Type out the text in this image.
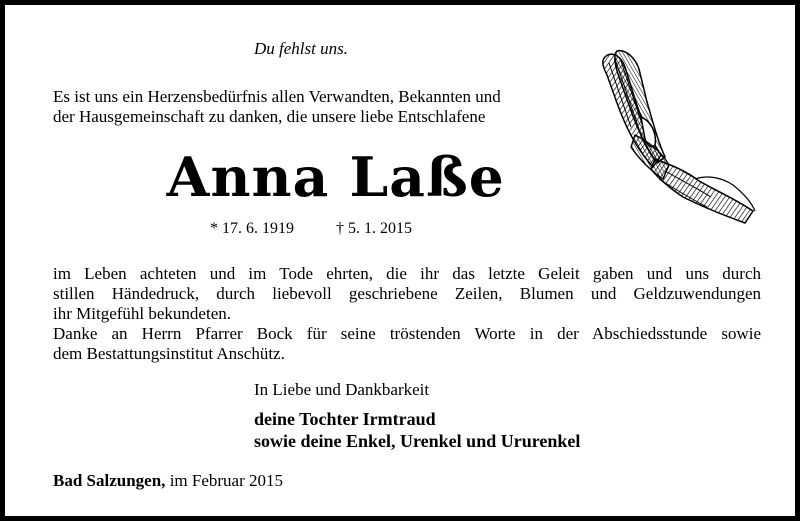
Du fehlst uns.
Es ist uns ein Herzensbedürfnis allen Verwandten, Bekannten und
der Hausgemeinschaft zu danken, die unsere liebe Entschlafene
Anna Laße
* 17. 6. 1919	† 5. 1. 2015
im Leben achteten und im Tode ehrten, die ihr das letzte Geleit gaben und uns durch
stillen Händedruck, durch liebevoll geschriebene Zeilen, Blumen und Geldzuwendungen
ihr Mitgefühl bekundeten.
Danke an Herrn Pfarrer Bock für seine tröstenden Worte in der Abschiedsstunde sowie
dem Bestattungsinstitut Anschütz.
In Liebe und Dankbarkeit
deine Tochter Irmtraud
sowie deine Enkel, Urenkel und Ururenkel
Bad Salzungen, im Februar 2015
